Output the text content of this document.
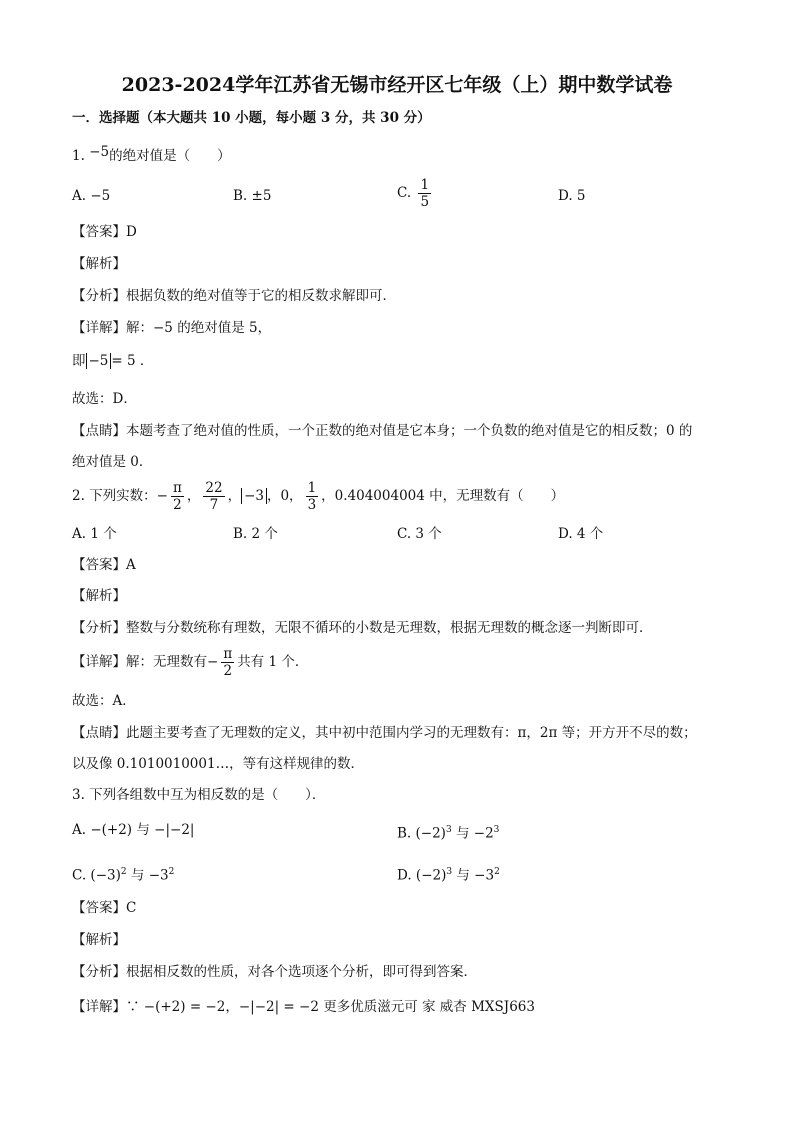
2023-2024学年江苏省无锡市经开区七年级（上）期中数学试卷
一．选择题（本大题共 10 小题，每小题 3 分，共 30 分）
1. −5的绝对值是（　　）
A. −5	B. ±5	C. $\frac{1}{5}$	D. 5
【答案】D
【解析】
【分析】根据负数的绝对值等于它的相反数求解即可．
【详解】解：−5 的绝对值是 5，
即 −5 = 5 ．
故选：D．
【点睛】本题考查了绝对值的性质，一个正数的绝对值是它本身；一个负数的绝对值是它的相反数；0 的
绝对值是 0．
2. 下列实数：− $\frac{\pi}{2}$ ， $\frac{22}{7}$ ， −3 ，0， $\frac{1}{3}$ ，0.404004004 中，无理数有（　　）
A. 1 个	B. 2 个	C. 3 个	D. 4 个
【答案】A
【解析】
【分析】整数与分数统称有理数，无限不循环的小数是无理数，根据无理数的概念逐一判断即可．
【详解】解：无理数有− $\frac{\pi}{2}$ 共有 1 个．
故选：A．
【点睛】此题主要考查了无理数的定义，其中初中范围内学习的无理数有：π，2π 等；开方开不尽的数；
以及像 0.1010010001…，等有这样规律的数．
3. 下列各组数中互为相反数的是（　　）．
A. −(+2) 与 −|−2|	B. $(-2)^3$ 与 $-2^3$
C. $(-3)^2$ 与 $-3^2$	D. $(-2)^3$ 与 $-3^2$
【答案】C
【解析】
【分析】根据相反数的性质，对各个选项逐个分析，即可得到答案．
【详解】∵ −(+2) = −2，−|−2| = −2 更多优质滋元可 家 威杏 MXSJ663
